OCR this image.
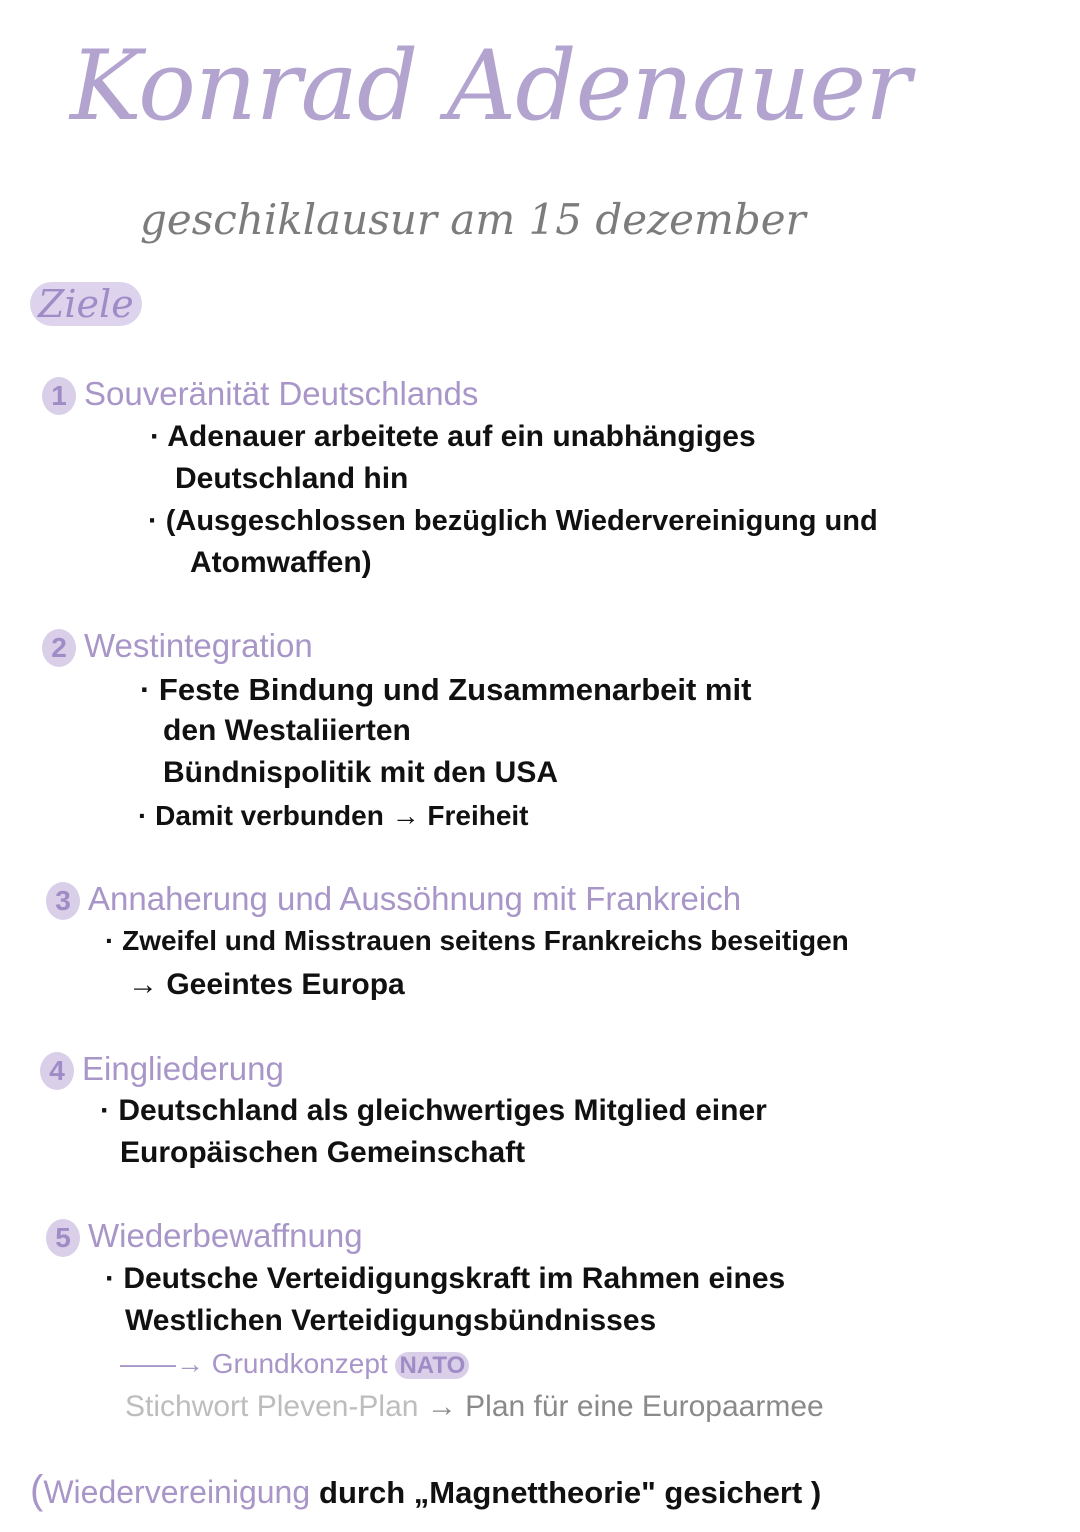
Konrad Adenauer
geschiklausur am 15 dezember
Ziele
1 Souveränität Deutschlands
· Adenauer arbeitete auf ein unabhängiges
Deutschland hin
· (Ausgeschlossen bezüglich Wiedervereinigung und
Atomwaffen)
2 Westintegration
· Feste Bindung und Zusammenarbeit mit
den Westaliierten
Bündnispolitik mit den USA
· Damit verbunden → Freiheit
3 Annaherung und Aussöhnung mit Frankreich
· Zweifel und Misstrauen seitens Frankreichs beseitigen
→ Geeintes Europa
4 Eingliederung
· Deutschland als gleichwertiges Mitglied einer
Europäischen Gemeinschaft
5 Wiederbewaffnung
· Deutsche Verteidigungskraft im Rahmen eines
Westlichen Verteidigungsbündnisses
——→ Grundkonzept NATO
Stichwort Pleven-Plan → Plan für eine Europaarmee
(Wiedervereinigung durch „Magnettheorie" gesichert )
